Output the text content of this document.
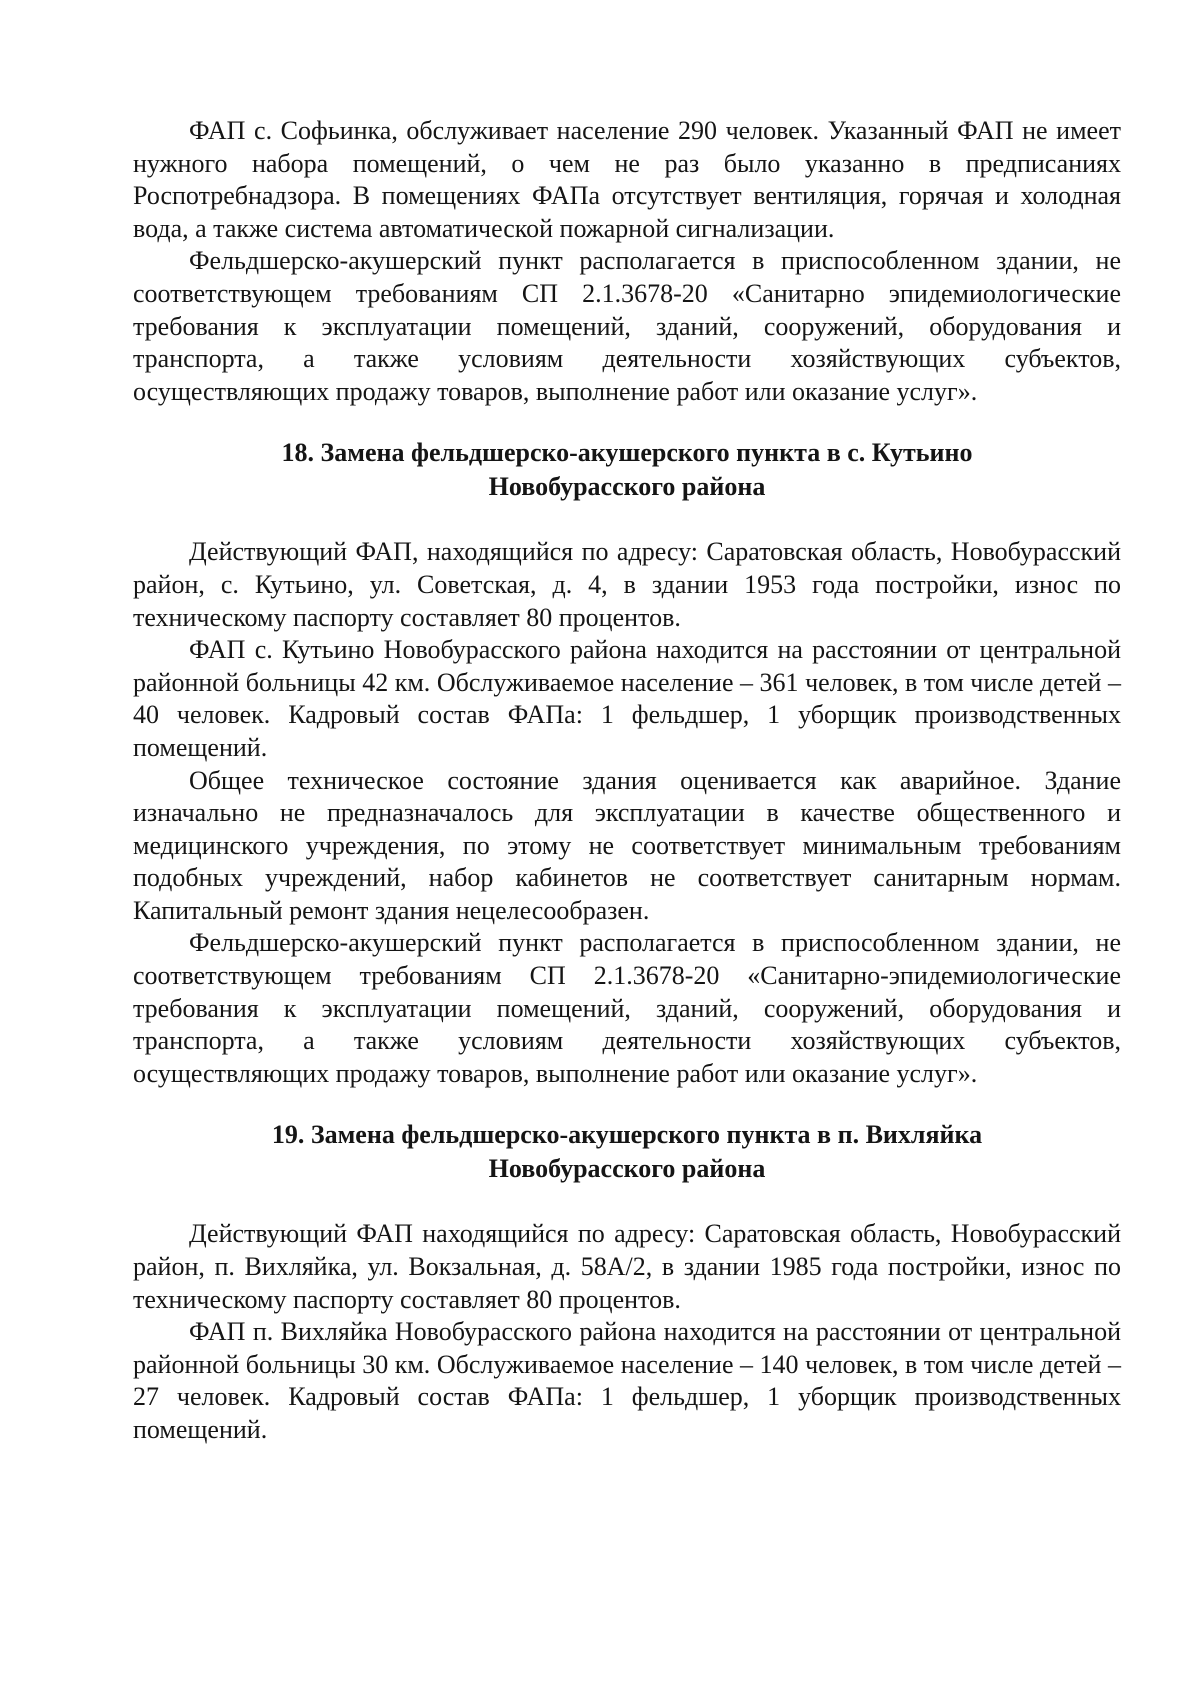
ФАП с. Софьинка, обслуживает население 290 человек. Указанный ФАП не имеет нужного набора помещений, о чем не раз было указанно в предписаниях Роспотребнадзора. В помещениях ФАПа отсутствует вентиляция, горячая и холодная вода, а также система автоматической пожарной сигнализации.

Фельдшерско-акушерский пункт располагается в приспособленном здании, не соответствующем требованиям СП 2.1.3678-20 «Санитарно эпидемиологические требования к эксплуатации помещений, зданий, сооружений, оборудования и транспорта, а также условиям деятельности хозяйствующих субъектов, осуществляющих продажу товаров, выполнение работ или оказание услуг».

18. Замена фельдшерско-акушерского пункта в с. Кутьино
Новобурасского района

Действующий ФАП, находящийся по адресу: Саратовская область, Новобурасский район, с. Кутьино, ул. Советская, д. 4, в здании 1953 года постройки, износ по техническому паспорту составляет 80 процентов.

ФАП с. Кутьино Новобурасского района находится на расстоянии от центральной районной больницы 42 км. Обслуживаемое население – 361 человек, в том числе детей – 40 человек. Кадровый состав ФАПа: 1 фельдшер, 1 уборщик производственных помещений.

Общее техническое состояние здания оценивается как аварийное. Здание изначально не предназначалось для эксплуатации в качестве общественного и медицинского учреждения, по этому не соответствует минимальным требованиям подобных учреждений, набор кабинетов не соответствует санитарным нормам. Капитальный ремонт здания нецелесообразен.

Фельдшерско-акушерский пункт располагается в приспособленном здании, не соответствующем требованиям СП 2.1.3678-20 «Санитарно-эпидемиологические требования к эксплуатации помещений, зданий, сооружений, оборудования и транспорта, а также условиям деятельности хозяйствующих субъектов, осуществляющих продажу товаров, выполнение работ или оказание услуг».

19. Замена фельдшерско-акушерского пункта в п. Вихляйка
Новобурасского района

Действующий ФАП находящийся по адресу: Саратовская область, Новобурасский район, п. Вихляйка, ул. Вокзальная, д. 58А/2, в здании 1985 года постройки, износ по техническому паспорту составляет 80 процентов.

ФАП п. Вихляйка Новобурасского района находится на расстоянии от центральной районной больницы 30 км. Обслуживаемое население – 140 человек, в том числе детей – 27 человек. Кадровый состав ФАПа: 1 фельдшер, 1 уборщик производственных помещений.
